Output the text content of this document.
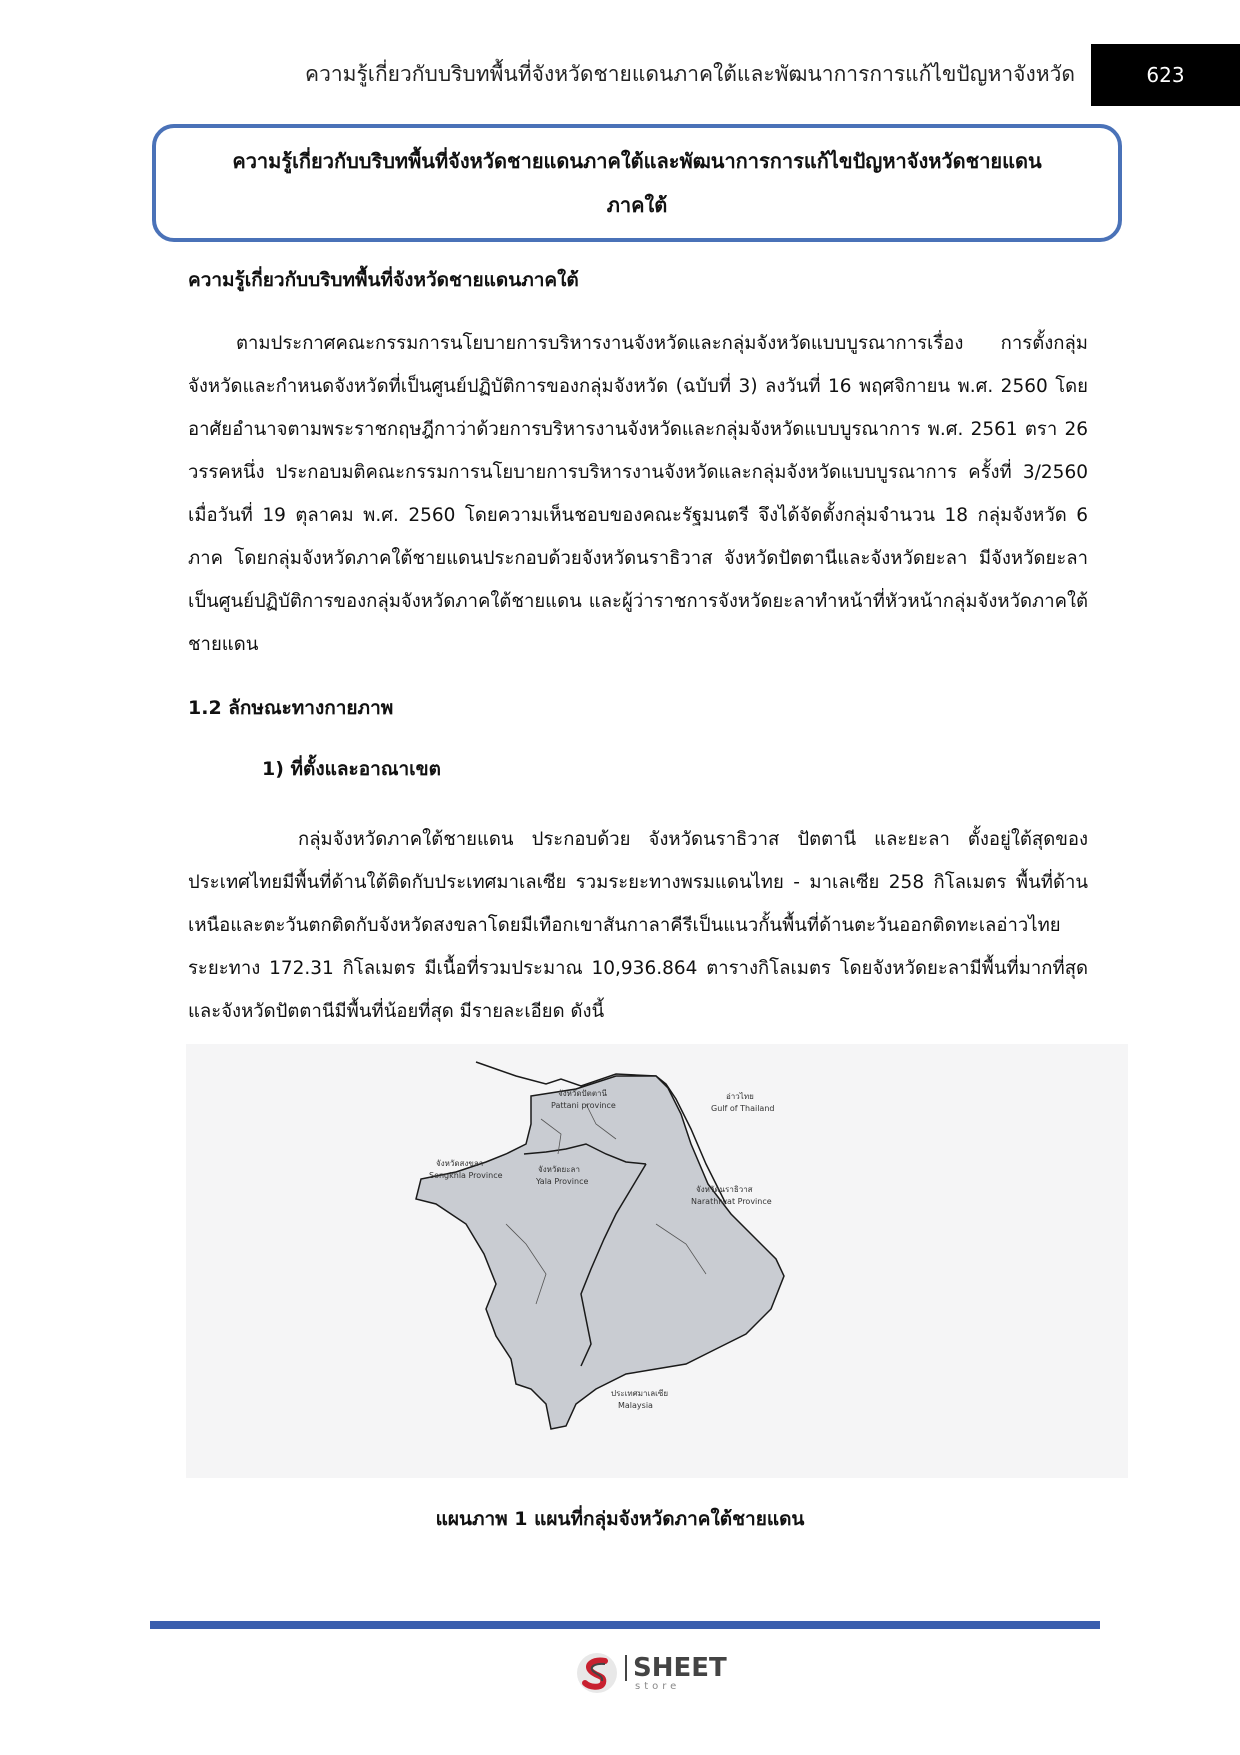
ความรู้เกี่ยวกับบริบทพื้นที่จังหวัดชายแดนภาคใต้และพัฒนาการการแก้ไขปัญหาจังหวัด	623
ความรู้เกี่ยวกับบริบทพื้นที่จังหวัดชายแดนภาคใต้และพัฒนาการการแก้ไขปัญหาจังหวัดชายแดน
ภาคใต้
ความรู้เกี่ยวกับบริบทพื้นที่จังหวัดชายแดนภาคใต้

ตามประกาศคณะกรรมการนโยบายการบริหารงานจังหวัดและกลุ่มจังหวัดแบบบูรณาการเรื่อง การตั้งกลุ่มจังหวัดและกำหนดจังหวัดที่เป็นศูนย์ปฏิบัติการของกลุ่มจังหวัด (ฉบับที่ 3) ลงวันที่ 16 พฤศจิกายน พ.ศ. 2560 โดยอาศัยอำนาจตามพระราชกฤษฎีกาว่าด้วยการบริหารงานจังหวัดและกลุ่มจังหวัดแบบบูรณาการ พ.ศ. 2561 ตรา 26 วรรคหนึ่ง ประกอบมติคณะกรรมการนโยบายการบริหารงานจังหวัดและกลุ่มจังหวัดแบบบูรณาการ ครั้งที่ 3/2560 เมื่อวันที่ 19 ตุลาคม พ.ศ. 2560 โดยความเห็นชอบของคณะรัฐมนตรี จึงได้จัดตั้งกลุ่มจำนวน 18 กลุ่มจังหวัด 6 ภาค โดยกลุ่มจังหวัดภาคใต้ชายแดนประกอบด้วยจังหวัดนราธิวาส จังหวัดปัตตานีและจังหวัดยะลา มีจังหวัดยะลาเป็นศูนย์ปฏิบัติการของกลุ่มจังหวัดภาคใต้ชายแดน และผู้ว่าราชการจังหวัดยะลาทำหน้าที่หัวหน้ากลุ่มจังหวัดภาคใต้ชายแดน

1.2 ลักษณะทางกายภาพ
1) ที่ตั้งและอาณาเขต

กลุ่มจังหวัดภาคใต้ชายแดน ประกอบด้วย จังหวัดนราธิวาส ปัตตานี และยะลา ตั้งอยู่ใต้สุดของประเทศไทยมีพื้นที่ด้านใต้ติดกับประเทศมาเลเซีย รวมระยะทางพรมแดนไทย - มาเลเซีย 258 กิโลเมตร พื้นที่ด้านเหนือและตะวันตกติดกับจังหวัดสงขลาโดยมีเทือกเขาสันกาลาคีรีเป็นแนวกั้นพื้นที่ด้านตะวันออกติดทะเลอ่าวไทยระยะทาง 172.31 กิโลเมตร มีเนื้อที่รวมประมาณ 10,936.864 ตารางกิโลเมตร โดยจังหวัดยะลามีพื้นที่มากที่สุด และจังหวัดปัตตานีมีพื้นที่น้อยที่สุด มีรายละเอียด ดังนี้

จังหวัดปัตตานี
Pattani province
อ่าวไทย
Gulf of Thailand
จังหวัดสงขลา
Songkhla Province
จังหวัดยะลา
Yala Province
จังหวัดนราธิวาส
Narathiwat Province
ประเทศมาเลเซีย
Malaysia
แผนภาพ 1 แผนที่กลุ่มจังหวัดภาคใต้ชายแดน
SHEET
store
